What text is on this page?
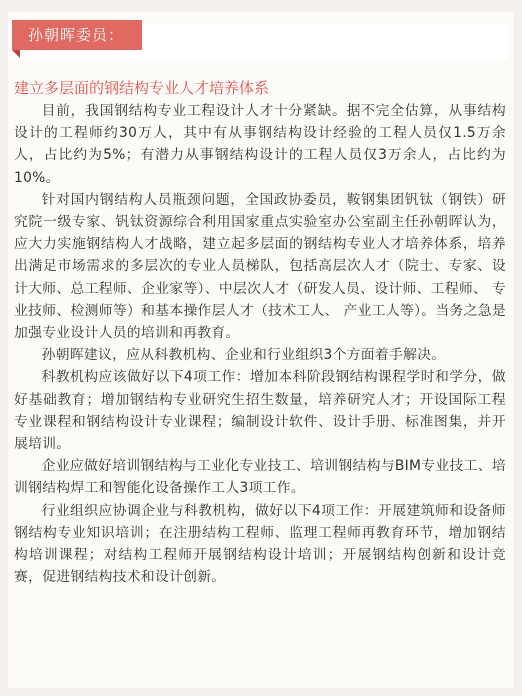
孙朝晖委员：
建立多层面的钢结构专业人才培养体系

目前，我国钢结构专业工程设计人才十分紧缺。据不完全估算，从事结构设计的工程师约30万人，其中有从事钢结构设计经验的工程人员仅1.5万余人，占比约为5%；有潜力从事钢结构设计的工程人员仅3万余人，占比约为10%。

针对国内钢结构人员瓶颈问题，全国政协委员，鞍钢集团钒钛（钢铁）研究院一级专家、钒钛资源综合利用国家重点实验室办公室副主任孙朝晖认为，应大力实施钢结构人才战略，建立起多层面的钢结构专业人才培养体系，培养出满足市场需求的多层次的专业人员梯队，包括高层次人才（院士、专家、设计大师、总工程师、企业家等）、中层次人才（研发人员、设计师、工程师、 专业技师、检测师等）和基本操作层人才（技术工人、 产业工人等）。当务之急是加强专业设计人员的培训和再教育。

孙朝晖建议，应从科教机构、企业和行业组织3个方面着手解决。

科教机构应该做好以下4项工作：增加本科阶段钢结构课程学时和学分，做好基础教育；增加钢结构专业研究生招生数量，培养研究人才；开设国际工程专业课程和钢结构设计专业课程；编制设计软件、设计手册、标准图集，并开展培训。

企业应做好培训钢结构与工业化专业技工、培训钢结构与BIM专业技工、培训钢结构焊工和智能化设备操作工人3项工作。

行业组织应协调企业与科教机构，做好以下4项工作：开展建筑师和设备师钢结构专业知识培训；在注册结构工程师、监理工程师再教育环节，增加钢结构培训课程；对结构工程师开展钢结构设计培训；开展钢结构创新和设计竞赛，促进钢结构技术和设计创新。
